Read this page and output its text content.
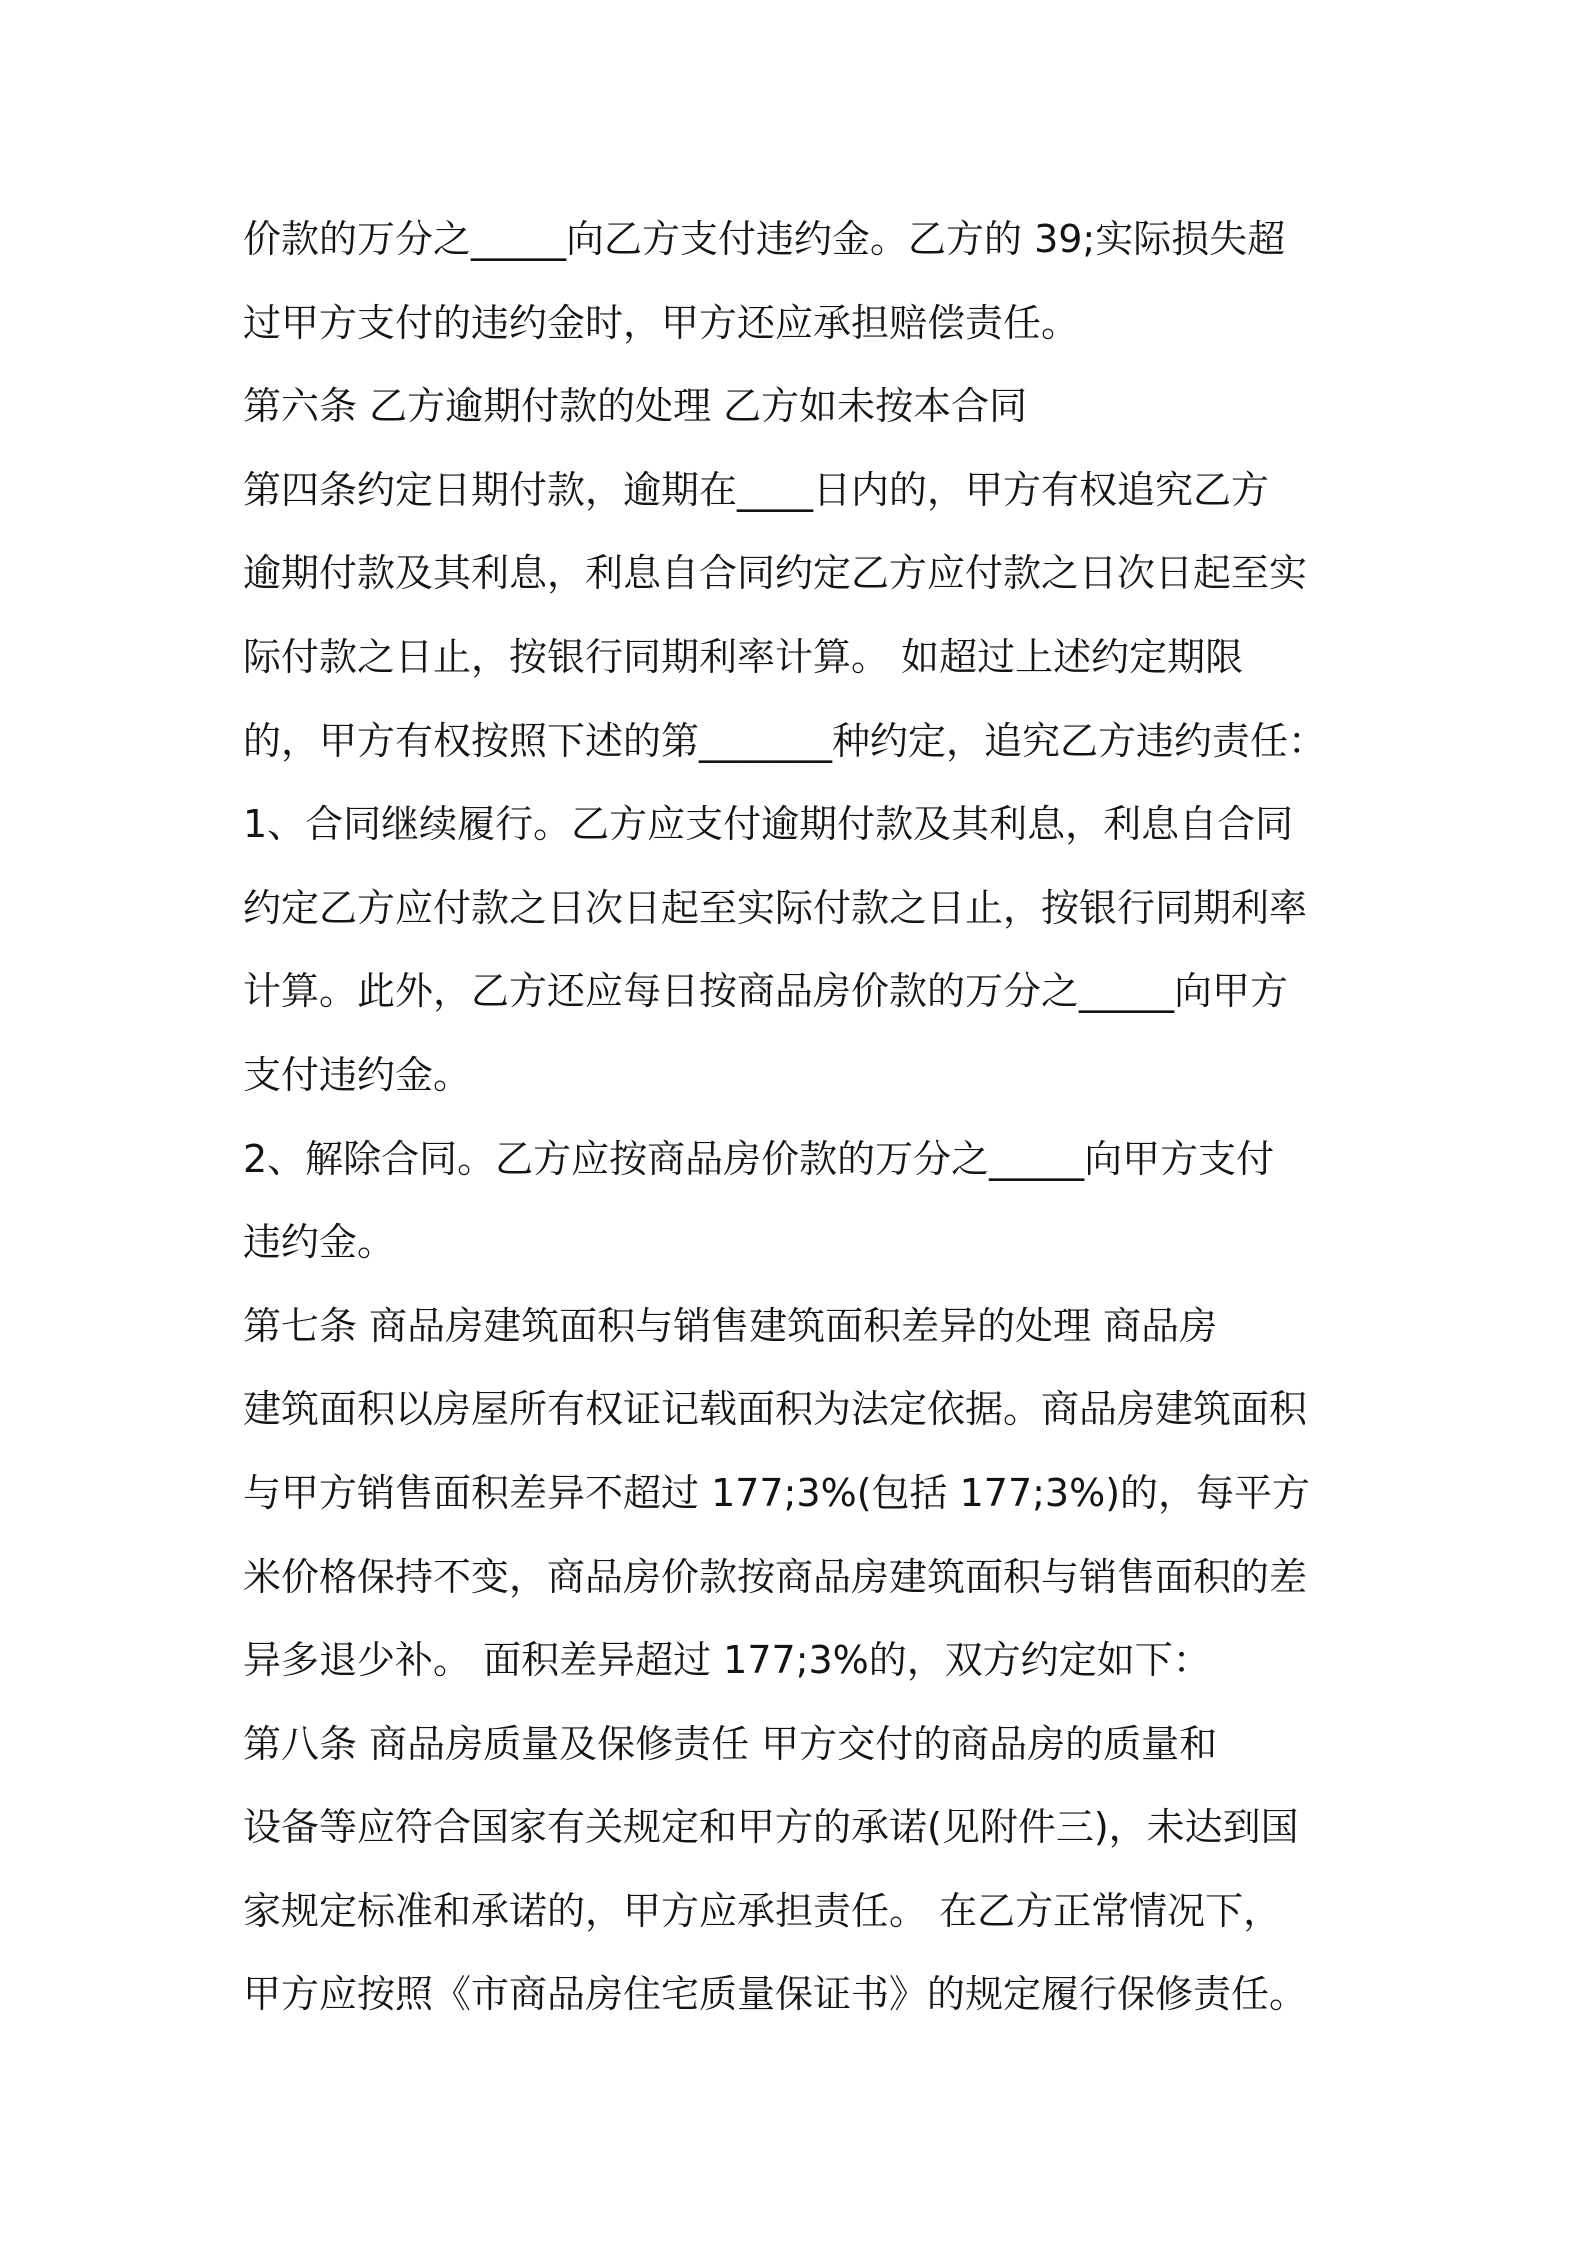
价款的万分之_____向乙方支付违约金。乙方的 39;实际损失超
过甲方支付的违约金时，甲方还应承担赔偿责任。
第六条 乙方逾期付款的处理 乙方如未按本合同
第四条约定日期付款，逾期在____日内的，甲方有权追究乙方
逾期付款及其利息，利息自合同约定乙方应付款之日次日起至实
际付款之日止，按银行同期利率计算。 如超过上述约定期限
的，甲方有权按照下述的第_______种约定，追究乙方违约责任：
1、合同继续履行。乙方应支付逾期付款及其利息，利息自合同
约定乙方应付款之日次日起至实际付款之日止，按银行同期利率
计算。此外，乙方还应每日按商品房价款的万分之_____向甲方
支付违约金。
2、解除合同。乙方应按商品房价款的万分之_____向甲方支付
违约金。
第七条 商品房建筑面积与销售建筑面积差异的处理 商品房
建筑面积以房屋所有权证记载面积为法定依据。商品房建筑面积
与甲方销售面积差异不超过 177;3%(包括 177;3%)的，每平方
米价格保持不变，商品房价款按商品房建筑面积与销售面积的差
异多退少补。 面积差异超过 177;3%的，双方约定如下：
第八条 商品房质量及保修责任 甲方交付的商品房的质量和
设备等应符合国家有关规定和甲方的承诺(见附件三)，未达到国
家规定标准和承诺的，甲方应承担责任。 在乙方正常情况下，
甲方应按照《市商品房住宅质量保证书》的规定履行保修责任。
